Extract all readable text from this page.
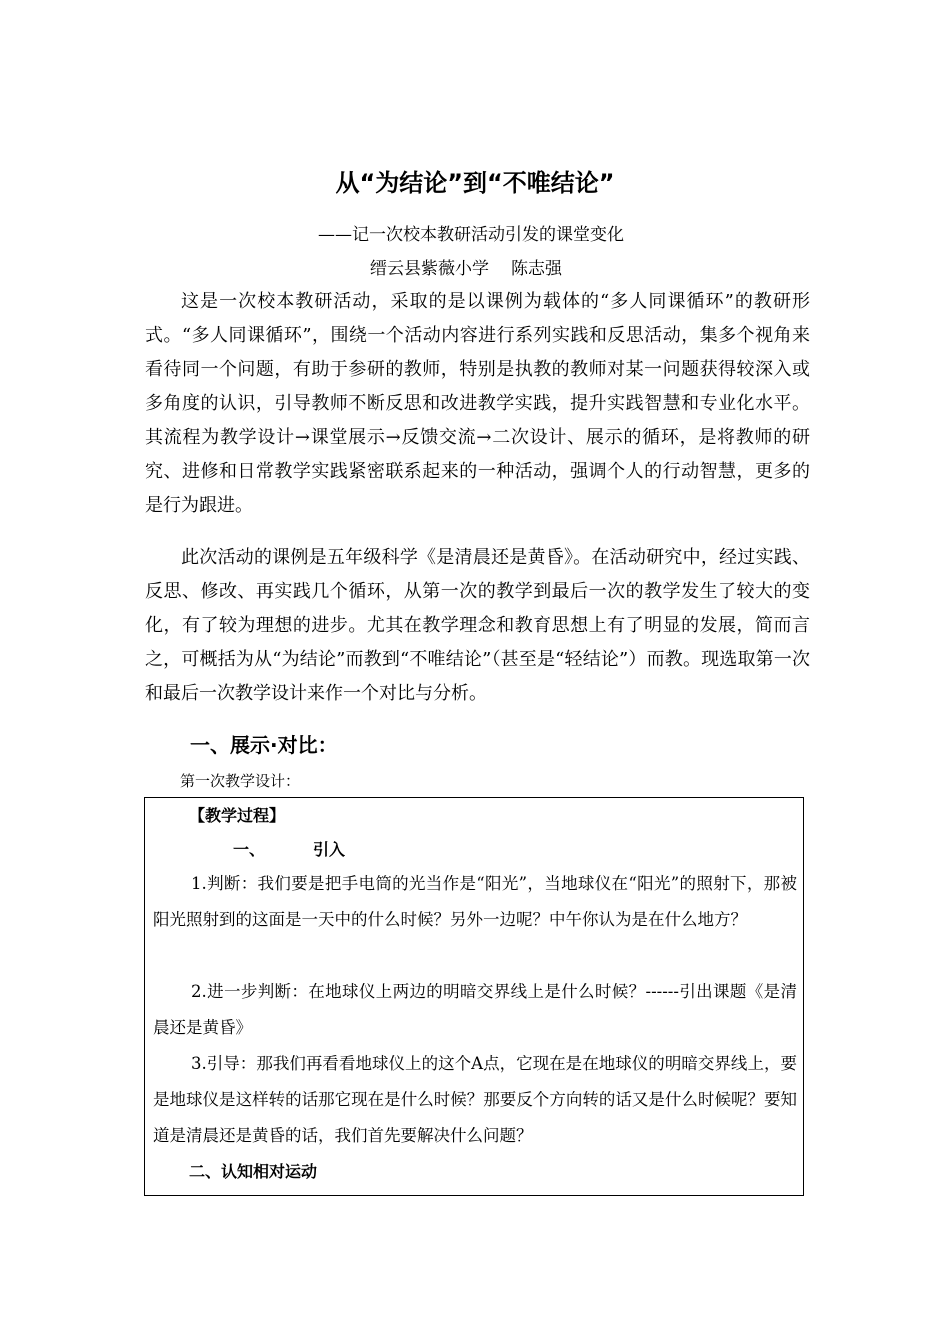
从“为结论”到“不唯结论”
——记一次校本教研活动引发的课堂变化
缙云县紫薇小学 陈志强

这是一次校本教研活动，采取的是以课例为载体的“多人同课循环”的教研形式。“多人同课循环”，围绕一个活动内容进行系列实践和反思活动，集多个视角来看待同一个问题，有助于参研的教师，特别是执教的教师对某一问题获得较深入或多角度的认识，引导教师不断反思和改进教学实践，提升实践智慧和专业化水平。其流程为教学设计→课堂展示→反馈交流→二次设计、展示的循环，是将教师的研究、进修和日常教学实践紧密联系起来的一种活动，强调个人的行动智慧，更多的是行为跟进。

此次活动的课例是五年级科学《是清晨还是黄昏》。在活动研究中，经过实践、反思、修改、再实践几个循环，从第一次的教学到最后一次的教学发生了较大的变化，有了较为理想的进步。尤其在教学理念和教育思想上有了明显的发展，简而言之，可概括为从“为结论”而教到“不唯结论”（甚至是“轻结论”）而教。现选取第一次和最后一次教学设计来作一个对比与分析。

一、展示·对比：
第一次教学设计：
【教学过程】
一、	引入

1.判断：我们要是把手电筒的光当作是“阳光”，当地球仪在“阳光”的照射下，那被阳光照射到的这面是一天中的什么时候？另外一边呢？中午你认为是在什么地方？

2.进一步判断：在地球仪上两边的明暗交界线上是什么时候？------引出课题《是清晨还是黄昏》

3.引导：那我们再看看地球仪上的这个A点，它现在是在地球仪的明暗交界线上，要是地球仪是这样转的话那它现在是什么时候？那要反个方向转的话又是什么时候呢？要知道是清晨还是黄昏的话，我们首先要解决什么问题？

二、认知相对运动
